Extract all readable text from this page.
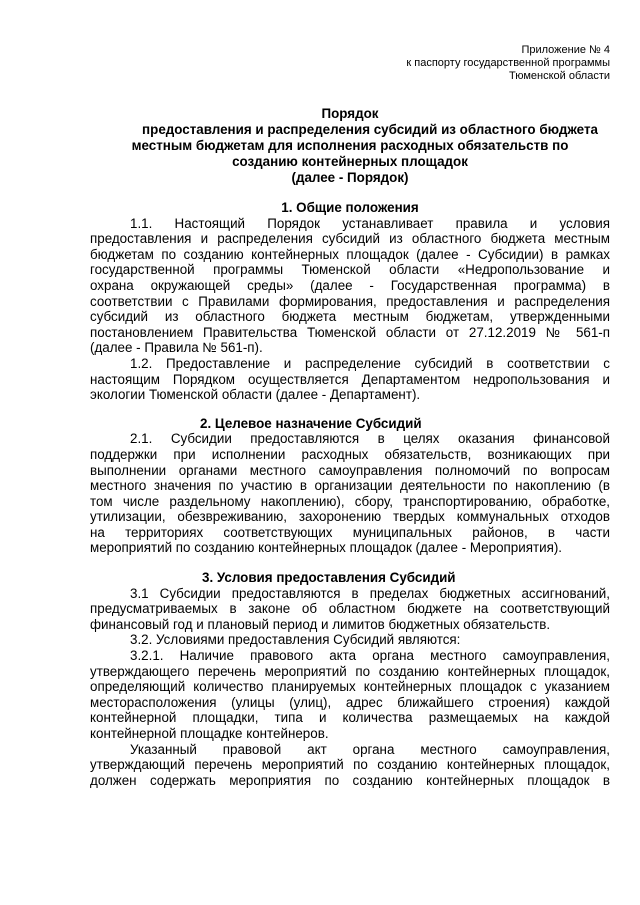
Приложение № 4
к паспорту государственной программы
Тюменской области
Порядок
предоставления и распределения субсидий из областного бюджета
местным бюджетам для исполнения расходных обязательств по
созданию контейнерных площадок
(далее - Порядок)
1. Общие положения
1.1. Настоящий Порядок устанавливает правила и условия
предоставления и распределения субсидий из областного бюджета местным
бюджетам по созданию контейнерных площадок (далее - Субсидии) в рамках
государственной программы Тюменской области «Недропользование и
охрана окружающей среды» (далее - Государственная программа) в
соответствии с Правилами формирования, предоставления и распределения
субсидий из областного бюджета местным бюджетам, утвержденными
постановлением Правительства Тюменской области от 27.12.2019 № 561-п
(далее - Правила № 561-п).
1.2. Предоставление и распределение субсидий в соответствии с
настоящим Порядком осуществляется Департаментом недропользования и
экологии Тюменской области (далее - Департамент).
2. Целевое назначение Субсидий
2.1. Субсидии предоставляются в целях оказания финансовой
поддержки при исполнении расходных обязательств, возникающих при
выполнении органами местного самоуправления полномочий по вопросам
местного значения по участию в организации деятельности по накоплению (в
том числе раздельному накоплению), сбору, транспортированию, обработке,
утилизации, обезвреживанию, захоронению твердых коммунальных отходов
на территориях соответствующих муниципальных районов, в части
мероприятий по созданию контейнерных площадок (далее - Мероприятия).
3. Условия предоставления Субсидий
3.1 Субсидии предоставляются в пределах бюджетных ассигнований,
предусматриваемых в законе об областном бюджете на соответствующий
финансовый год и плановый период и лимитов бюджетных обязательств.
3.2. Условиями предоставления Субсидий являются:
3.2.1. Наличие правового акта органа местного самоуправления,
утверждающего перечень мероприятий по созданию контейнерных площадок,
определяющий количество планируемых контейнерных площадок с указанием
месторасположения (улицы (улиц), адрес ближайшего строения) каждой
контейнерной площадки, типа и количества размещаемых на каждой
контейнерной площадке контейнеров.
Указанный правовой акт органа местного самоуправления,
утверждающий перечень мероприятий по созданию контейнерных площадок,
должен содержать мероприятия по созданию контейнерных площадок в
